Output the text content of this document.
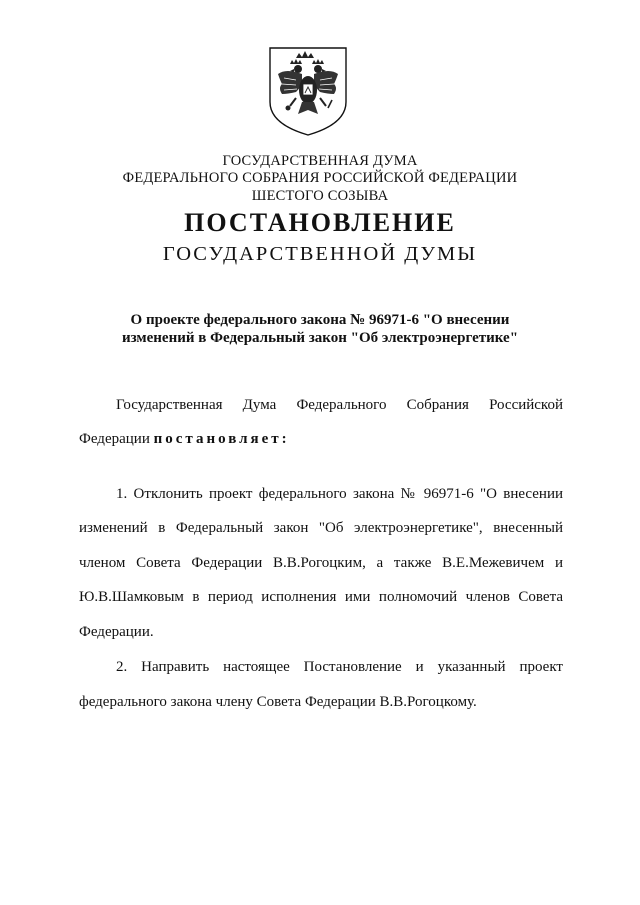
ГОСУДАРСТВЕННАЯ ДУМА
ФЕДЕРАЛЬНОГО СОБРАНИЯ РОССИЙСКОЙ ФЕДЕРАЦИИ
ШЕСТОГО СОЗЫВА
ПОСТАНОВЛЕНИЕ
ГОСУДАРСТВЕННОЙ ДУМЫ
О проекте федерального закона № 96971-6 "О внесении
изменений в Федеральный закон "Об электроэнергетике"
Государственная Дума Федерального Собрания Российской
Федерации постановляет:
1. Отклонить проект федерального закона № 96971-6 "О внесении
изменений в Федеральный закон "Об электроэнергетике", внесенный
членом Совета Федерации В.В.Рогоцким, а также В.Е.Межевичем и
Ю.В.Шамковым в период исполнения ими полномочий членов Совета
Федерации.
2. Направить настоящее Постановление и указанный проект
федерального закона члену Совета Федерации В.В.Рогоцкому.
